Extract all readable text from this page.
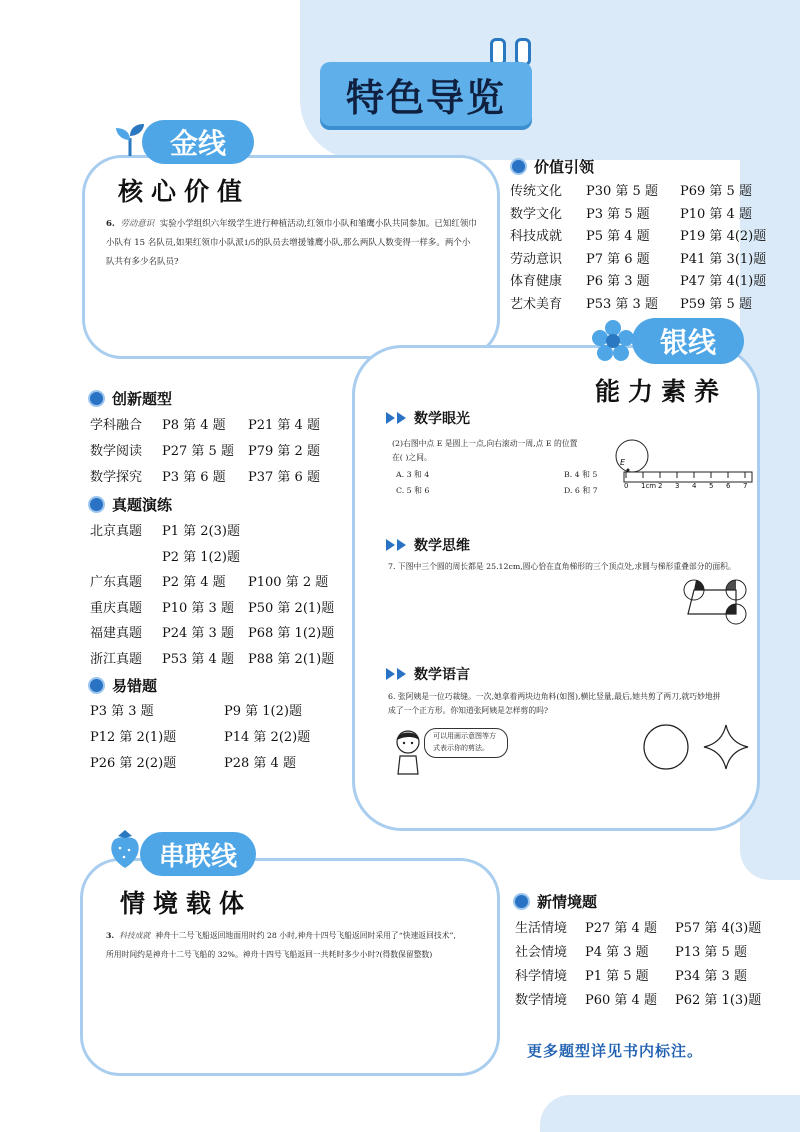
特色导览
金线
核心价值
6. 劳动意识 实验小学组织六年级学生进行种植活动,红领巾小队和雏鹰小队共同参加。已知红领巾
小队有 15 名队员,如果红领巾小队派1/5的队员去增援雏鹰小队,那么两队人数变得一样多。两个小
队共有多少名队员?
价值引领
传统文化 P30 第 5 题 P69 第 5 题
数学文化 P3 第 5 题 P10 第 4 题
科技成就 P5 第 4 题 P19 第 4(2)题
劳动意识 P7 第 6 题 P41 第 3(1)题
体育健康 P6 第 3 题 P47 第 4(1)题
艺术美育 P53 第 3 题 P59 第 5 题
银线
能力素养
数学眼光
(2)右图中点 E 是圆上一点,向右滚动一周,点 E 的位置
在( )之间。
A. 3 和 4	B. 4 和 5
C. 5 和 6	D. 6 和 7
E
0 1cm 2 3 4 5 6 7
数学思维
7. 下图中三个圆的周长都是 25.12cm,圆心恰在直角梯形的三个顶点处,求圆与梯形重叠部分的面积。
数学语言
6. 张阿姨是一位巧裁缝。一次,她拿着两块边角料(如图),横比竖量,最后,她共剪了两刀,就巧妙地拼
成了一个正方形。你知道张阿姨是怎样剪的吗?
可以用画示意图等方
式表示你的剪法。
创新题型
学科融合 P8 第 4 题 P21 第 4 题
数学阅读 P27 第 5 题 P79 第 2 题
数学探究 P3 第 6 题 P37 第 6 题
真题演练
北京真题 P1 第 2(3)题
P2 第 1(2)题
广东真题 P2 第 4 题 P100 第 2 题
重庆真题 P10 第 3 题 P50 第 2(1)题
福建真题 P24 第 3 题 P68 第 1(2)题
浙江真题 P53 第 4 题 P88 第 2(1)题
易错题
P3 第 3 题	P9 第 1(2)题
P12 第 2(1)题	P14 第 2(2)题
P26 第 2(2)题	P28 第 4 题
串联线
情境载体
3. 科技成就 神舟十二号飞船返回地面用时约 28 小时,神舟十四号飞船返回时采用了“快速返回技术”,
所用时间约是神舟十二号飞船的 32%。神舟十四号飞船返回一共耗时多少小时?(得数保留整数)
新情境题
生活情境 P27 第 4 题 P57 第 4(3)题
社会情境 P4 第 3 题 P13 第 5 题
科学情境 P1 第 5 题 P34 第 3 题
数学情境 P60 第 4 题 P62 第 1(3)题
更多题型详见书内标注。
